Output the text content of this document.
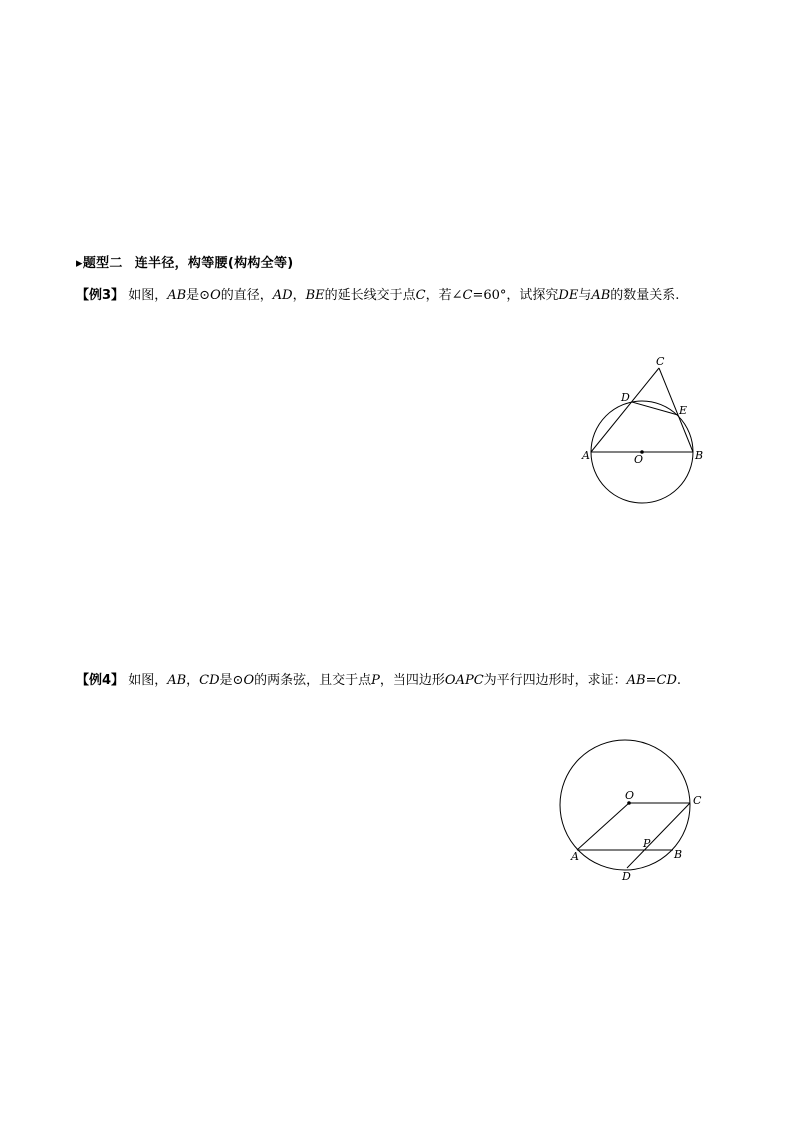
▸题型二 连半径，构等腰(构构全等)
【例3】 如图，AB是⊙O的直径，AD，BE的延长线交于点C，若∠C=60°，试探究DE与AB的数量关系.
C
D
E
A	B
O
【例4】 如图，AB，CD是⊙O的两条弦，且交于点P，当四边形OAPC为平行四边形时，求证：AB=CD.
O	C
P
A	B
D
